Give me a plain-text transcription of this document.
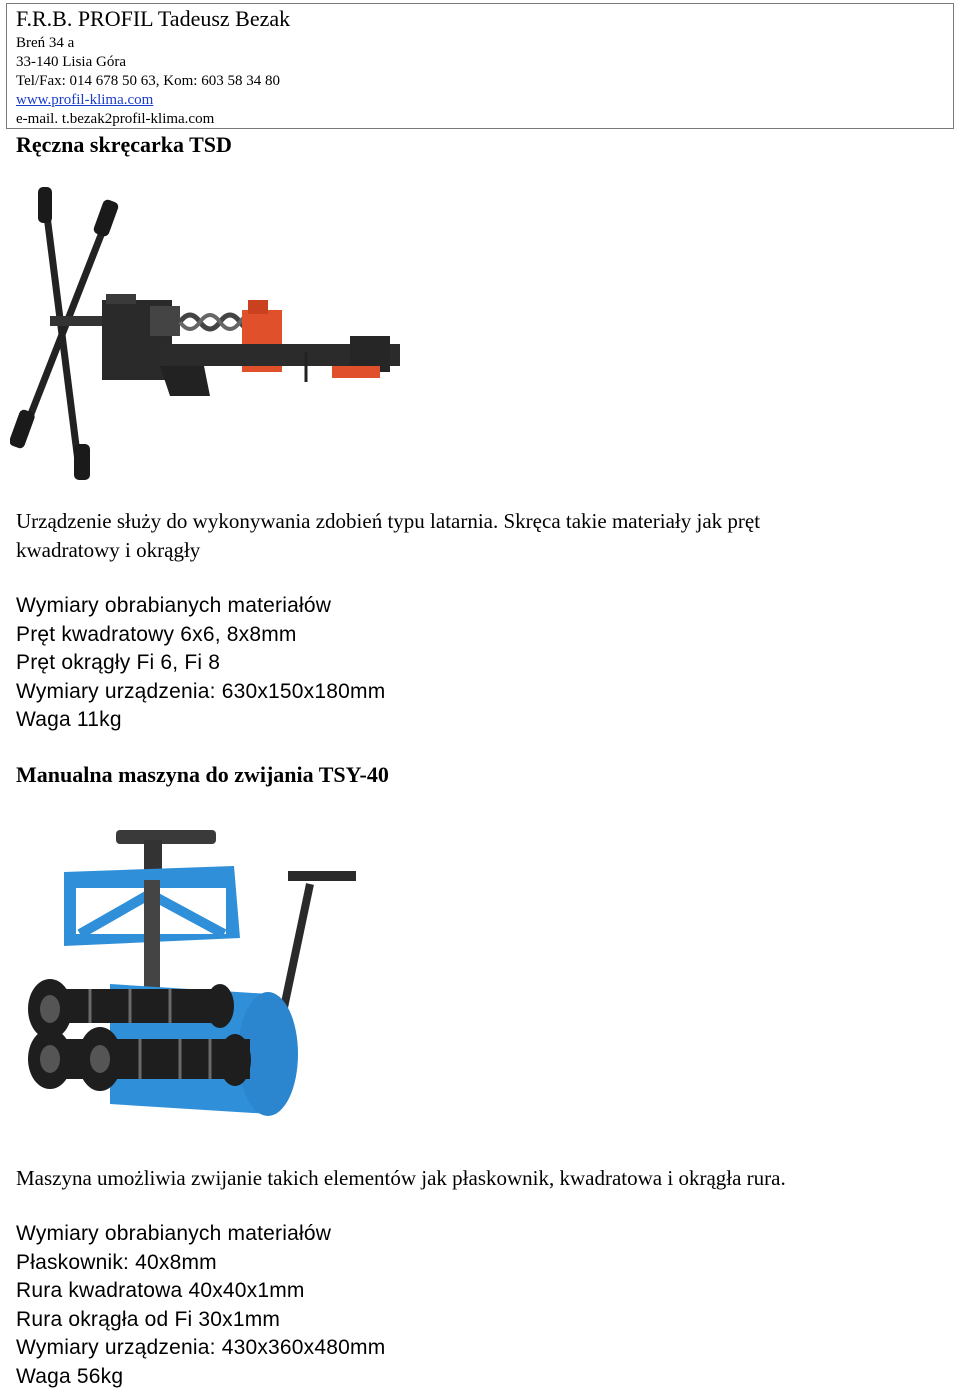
F.R.B. PROFIL Tadeusz Bezak
Breń 34 a
33-140 Lisia Góra
Tel/Fax: 014 678 50 63, Kom: 603 58 34 80
www.profil-klima.com
e-mail. t.bezak2profil-klima.com
Ręczna skręcarka TSD
Urządzenie służy do wykonywania zdobień typu latarnia. Skręca takie materiały jak pręt
kwadratowy i okrągły
Wymiary obrabianych materiałów
Pręt kwadratowy 6x6, 8x8mm
Pręt okrągły Fi 6, Fi 8
Wymiary urządzenia: 630x150x180mm
Waga 11kg
Manualna maszyna do zwijania TSY-40
Maszyna umożliwia zwijanie takich elementów jak płaskownik, kwadratowa i okrągła rura.
Wymiary obrabianych materiałów
Płaskownik: 40x8mm
Rura kwadratowa 40x40x1mm
Rura okrągła od Fi 30x1mm
Wymiary urządzenia: 430x360x480mm
Waga 56kg
